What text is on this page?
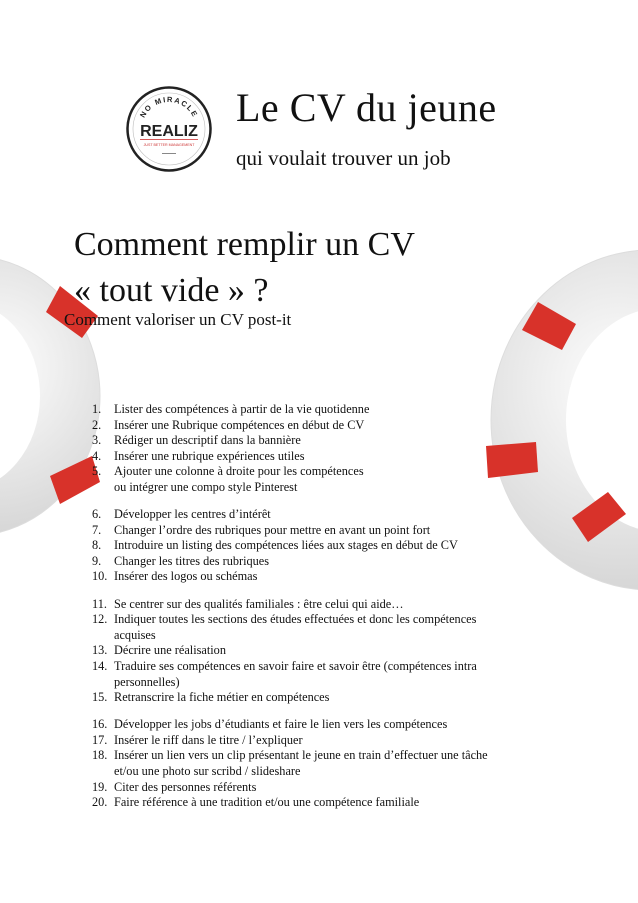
NO MIRACLE
REALIZ
JUST BETTER MANAGEMENT
Le CV du jeune
qui voulait trouver un job
Comment remplir un CV
« tout vide » ?

Comment valoriser un CV post-it

1. Lister des compétences à partir de la vie quotidenne
2. Insérer une Rubrique compétences en début de CV
3. Rédiger un descriptif dans la bannière
4. Insérer une rubrique expériences utiles
5. Ajouter une colonne à droite pour les compétences
ou intégrer une compo style Pinterest
6. Développer les centres d’intérêt
7. Changer l’ordre des rubriques pour mettre en avant un point fort
8. Introduire un listing des compétences liées aux stages en début de CV
9. Changer les titres des rubriques
10. Insérer des logos ou schémas
11. Se centrer sur des qualités familiales : être celui qui aide…
12. Indiquer toutes les sections des études effectuées et donc les compétences
acquises
13. Décrire une réalisation
14. Traduire ses compétences en savoir faire et savoir être (compétences intra
personnelles)
15. Retranscrire la fiche métier en compétences
16. Développer les jobs d’étudiants et faire le lien vers les compétences
17. Insérer le riff dans le titre / l’expliquer
18. Insérer un lien vers un clip présentant le jeune en train d’effectuer une tâche
et/ou une photo sur scribd / slideshare
19. Citer des personnes référents
20. Faire référence à une tradition et/ou une compétence familiale
